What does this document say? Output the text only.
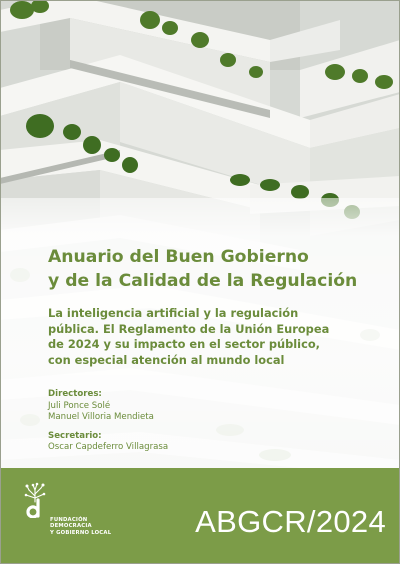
Anuario del Buen Gobierno
y de la Calidad de la Regulación
La inteligencia artificial y la regulación
pública. El Reglamento de la Unión Europea
de 2024 y su impacto en el sector público,
con especial atención al mundo local
Directores:
Juli Ponce Solé
Manuel Villoria Mendieta
Secretario:
Oscar Capdeferro Villagrasa
FUNDACIÓN
DEMOCRACIA
Y GOBIERNO LOCAL	ABGCR/2024
